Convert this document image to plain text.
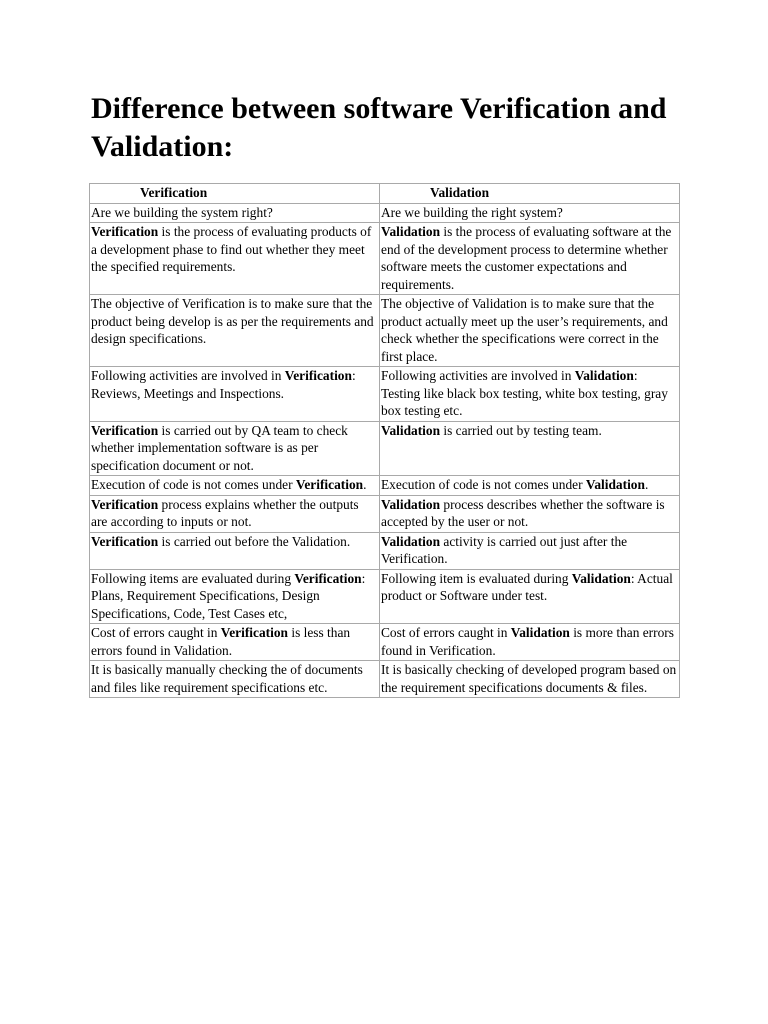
Difference between software Verification and Validation:
Verification	Validation
Are we building the system right?	Are we building the right system?
Verification is the process of evaluating products of a development phase to find out whether they meet the specified requirements.	Validation is the process of evaluating software at the end of the development process to determine whether software meets the customer expectations and requirements.
The objective of Verification is to make sure that the product being develop is as per the requirements and design specifications.	The objective of Validation is to make sure that the product actually meet up the user’s requirements, and check whether the specifications were correct in the first place.
Following activities are involved in Verification: Reviews, Meetings and Inspections.	Following activities are involved in Validation: Testing like black box testing, white box testing, gray box testing etc.
Verification is carried out by QA team to check whether implementation software is as per specification document or not.	Validation is carried out by testing team.
Execution of code is not comes under Verification.	Execution of code is not comes under Validation.
Verification process explains whether the outputs are according to inputs or not.	Validation process describes whether the software is accepted by the user or not.
Verification is carried out before the Validation.	Validation activity is carried out just after the Verification.
Following items are evaluated during Verification: Plans, Requirement Specifications, Design Specifications, Code, Test Cases etc,	Following item is evaluated during Validation: Actual product or Software under test.
Cost of errors caught in Verification is less than errors found in Validation.	Cost of errors caught in Validation is more than errors found in Verification.
It is basically manually checking the of documents and files like requirement specifications etc.	It is basically checking of developed program based on the requirement specifications documents & files.
